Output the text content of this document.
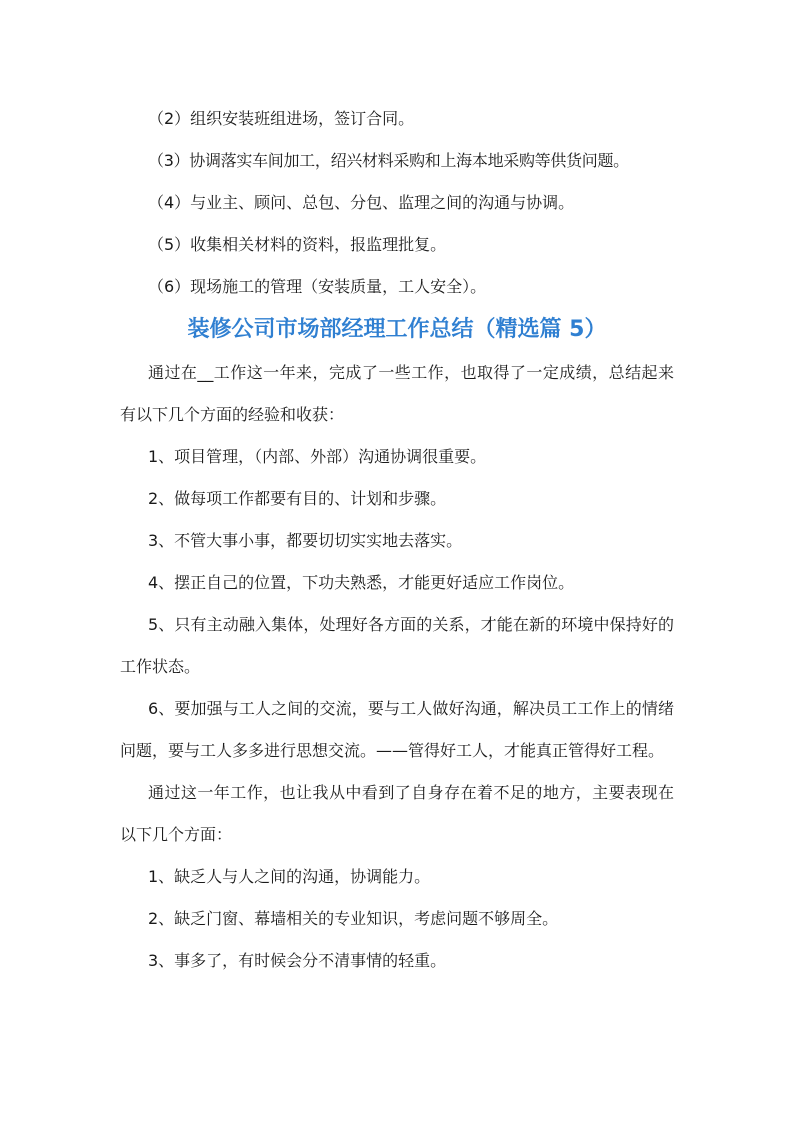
（2）组织安装班组进场，签订合同。

（3）协调落实车间加工，绍兴材料采购和上海本地采购等供货问题。

（4）与业主、顾问、总包、分包、监理之间的沟通与协调。

（5）收集相关材料的资料，报监理批复。

（6）现场施工的管理（安装质量，工人安全）。

装修公司市场部经理工作总结（精选篇 5）

通过在__工作这一年来，完成了一些工作，也取得了一定成绩，总结起来有以下几个方面的经验和收获：

1、项目管理，（内部、外部）沟通协调很重要。

2、做每项工作都要有目的、计划和步骤。

3、不管大事小事，都要切切实实地去落实。

4、摆正自己的位置，下功夫熟悉，才能更好适应工作岗位。

5、只有主动融入集体，处理好各方面的关系，才能在新的环境中保持好的工作状态。

6、要加强与工人之间的交流，要与工人做好沟通，解决员工工作上的情绪问题，要与工人多多进行思想交流。——管得好工人，才能真正管得好工程。

通过这一年工作，也让我从中看到了自身存在着不足的地方，主要表现在以下几个方面：

1、缺乏人与人之间的沟通，协调能力。

2、缺乏门窗、幕墙相关的专业知识，考虑问题不够周全。

3、事多了，有时候会分不清事情的轻重。
